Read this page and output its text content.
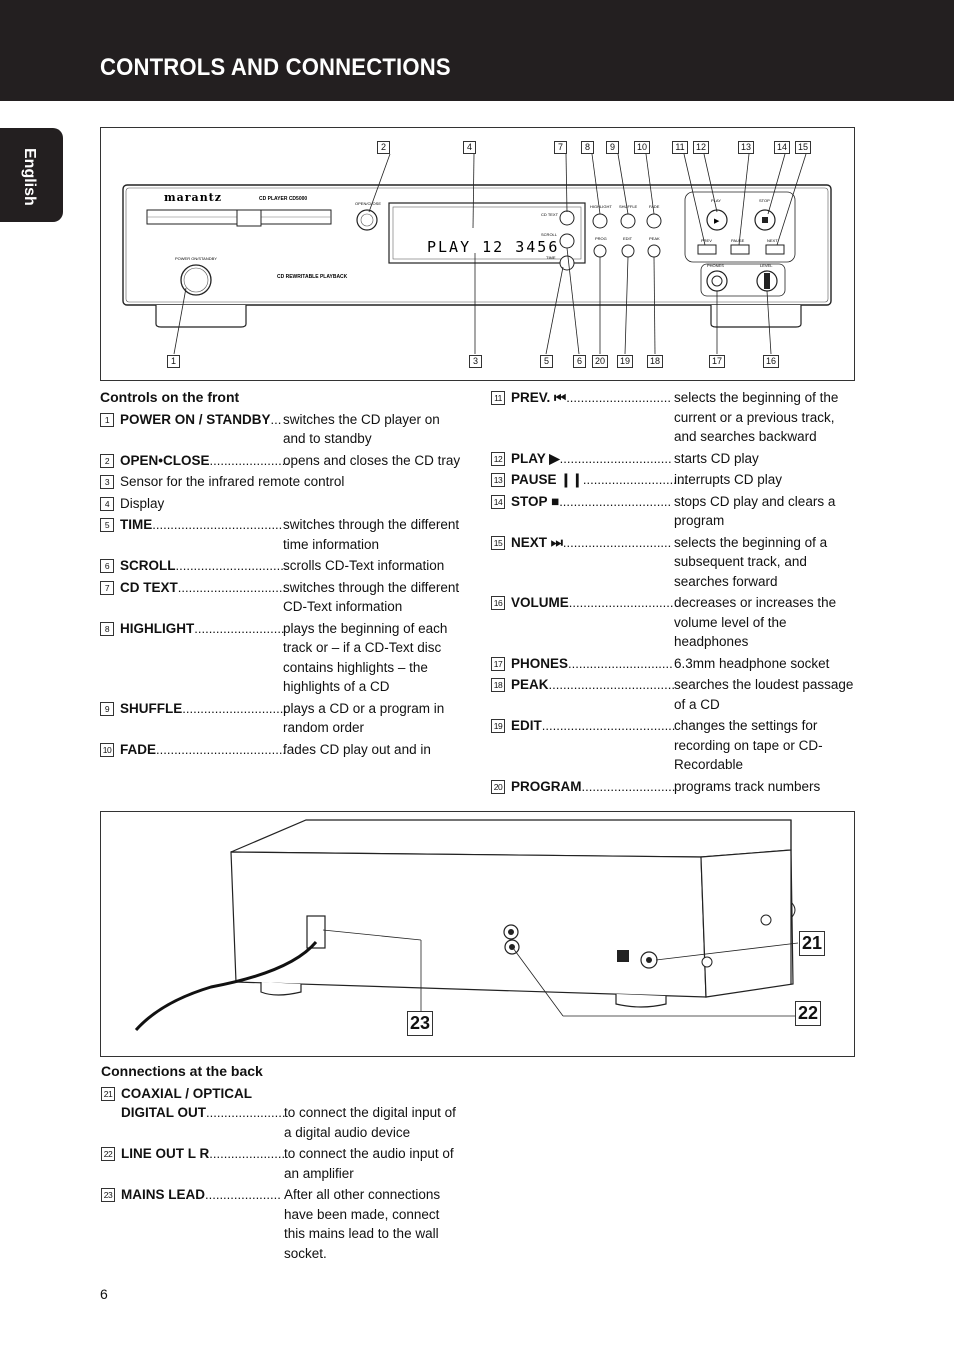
CONTROLS AND CONNECTIONS
English	marantz	CD PLAYER CD5000
POWER ON/STANDBY
CD REWRITABLE PLAYBACK
OPEN/CLOSE
PLAY 12 3456
CD TEXT
SCROLL
TIME
HIGHLIGHT SHUFFLE	FADE
PROG	EDIT	PEAK
PLAY
▶
STOP
PREV	PAUSE	NEXT
PHONES	LEVEL
2	4	7	8	9	10	11	12	13	14	15
1	3	5	6	20	19	18	17	16
Controls on the front
1 POWER ON / STANDBY ... switches the CD player on and to standby
2 OPEN•CLOSE ......................
opens and closes the CD tray
3 Sensor for the infrared remote control
4 Display
5 TIME .................................... switches through the different time information
6 SCROLL ...............................
scrolls CD-Text information
7 CD TEXT ..............................
switches through the different CD-Text information
8 HIGHLIGHT .........................
plays the beginning of each track or – if a CD-Text disc contains highlights – the highlights of a CD
9 SHUFFLE .............................
plays a CD or a program in random order
10 FADE ....................................
fades CD play out and in
11 PREV. ⏮ ............................. selects the beginning of the current or a previous track, and searches backward
12 PLAY ▶ ............................... starts CD play
13 PAUSE ❙❙ .............................
interrupts CD play
14 STOP ■ ............................... stops CD play and clears a program
15 NEXT ⏭ .............................. selects the beginning of a subsequent track, and searches forward
16 VOLUME ............................. decreases or increases the volume level of the headphones
17 PHONES ............................. 6.3mm headphone socket
18 PEAK ................................... searches the loudest passage of a CD
19 EDIT .....................................
changes the settings for recording on tape or CD-Recordable
20 PROGRAM ..........................
programs track numbers
21
22
23
Connections at the back
21 COAXIAL / OPTICAL
DIGITAL OUT ......................
to connect the digital input of a digital audio device
22 LINE OUT L R .....................
to connect the audio input of an amplifier
23 MAINS LEAD ..................... After all other connections have been made, connect this mains lead to the wall socket.
6
